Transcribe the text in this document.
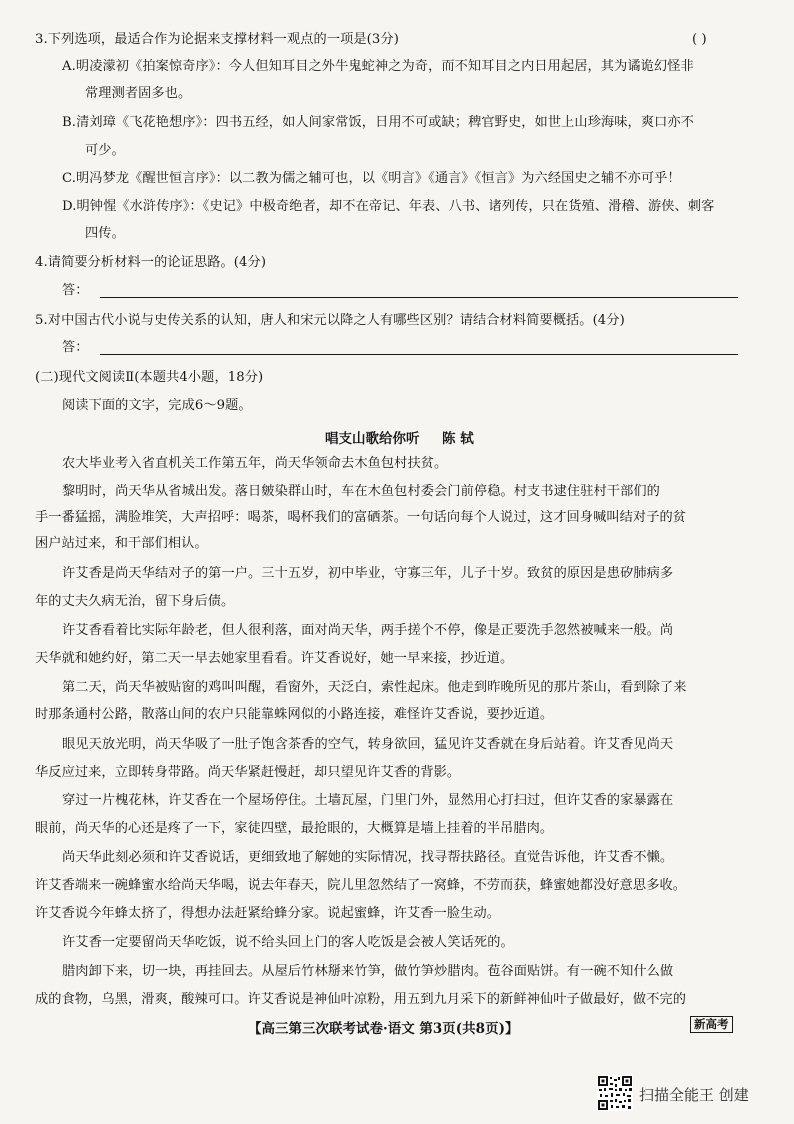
3.下列选项，最适合作为论据来支撑材料一观点的一项是(3分)	( )
A.明凌濛初《拍案惊奇序》：今人但知耳目之外牛鬼蛇神之为奇，而不知耳目之内日用起居，其为谲诡幻怪非
常理测者固多也。
B.清刘璋《飞花艳想序》：四书五经，如人间家常饭，日用不可或缺；稗官野史，如世上山珍海味，爽口亦不
可少。
C.明冯梦龙《醒世恒言序》：以二教为儒之辅可也，以《明言》《通言》《恒言》为六经国史之辅不亦可乎！
D.明钟惺《水浒传序》：《史记》中极奇绝者，却不在帝记、年表、八书、诸列传，只在货殖、滑稽、游侠、刺客
四传。
4.请简要分析材料一的论证思路。(4分)
答：
5.对中国古代小说与史传关系的认知，唐人和宋元以降之人有哪些区别？请结合材料简要概括。(4分)
答：
(二)现代文阅读Ⅱ(本题共4小题，18分)
阅读下面的文字，完成6～9题。
唱支山歌给你听 陈 轼
农大毕业考入省直机关工作第五年，尚天华领命去木鱼包村扶贫。
黎明时，尚天华从省城出发。落日皴染群山时，车在木鱼包村委会门前停稳。村支书逮住驻村干部们的
手一番猛摇，满脸堆笑，大声招呼：喝茶，喝杯我们的富硒茶。一句话向每个人说过，这才回身喊叫结对子的贫
困户站过来，和干部们相认。
许艾香是尚天华结对子的第一户。三十五岁，初中毕业，守寡三年，儿子十岁。致贫的原因是患矽肺病多
年的丈夫久病无治，留下身后债。
许艾香看着比实际年龄老，但人很利落，面对尚天华，两手搓个不停，像是正要洗手忽然被喊来一般。尚
天华就和她约好，第二天一早去她家里看看。许艾香说好，她一早来接，抄近道。
第二天，尚天华被贴窗的鸡叫叫醒，看窗外，天泛白，索性起床。他走到昨晚所见的那片茶山，看到除了来
时那条通村公路，散落山间的农户只能靠蛛网似的小路连接，难怪许艾香说，要抄近道。
眼见天放光明，尚天华吸了一肚子饱含茶香的空气，转身欲回，猛见许艾香就在身后站着。许艾香见尚天
华反应过来，立即转身带路。尚天华紧赶慢赶，却只望见许艾香的背影。
穿过一片槐花林，许艾香在一个屋场停住。土墙瓦屋，门里门外，显然用心打扫过，但许艾香的家暴露在
眼前，尚天华的心还是疼了一下，家徒四壁，最抢眼的，大概算是墙上挂着的半吊腊肉。
尚天华此刻必须和许艾香说话，更细致地了解她的实际情况，找寻帮扶路径。直觉告诉他，许艾香不懒。
许艾香端来一碗蜂蜜水给尚天华喝，说去年春天，院儿里忽然结了一窝蜂，不劳而获，蜂蜜她都没好意思多收。
许艾香说今年蜂太挤了，得想办法赶紧给蜂分家。说起蜜蜂，许艾香一脸生动。
许艾香一定要留尚天华吃饭，说不给头回上门的客人吃饭是会被人笑话死的。
腊肉卸下来，切一块，再挂回去。从屋后竹林掰来竹笋，做竹笋炒腊肉。苞谷面贴饼。有一碗不知什么做
成的食物，乌黑，滑爽，酸辣可口。许艾香说是神仙叶凉粉，用五到九月采下的新鲜神仙叶子做最好，做不完的
【高三第三次联考试卷·语文 第3页(共8页)】	新高考
扫描全能王 创建
